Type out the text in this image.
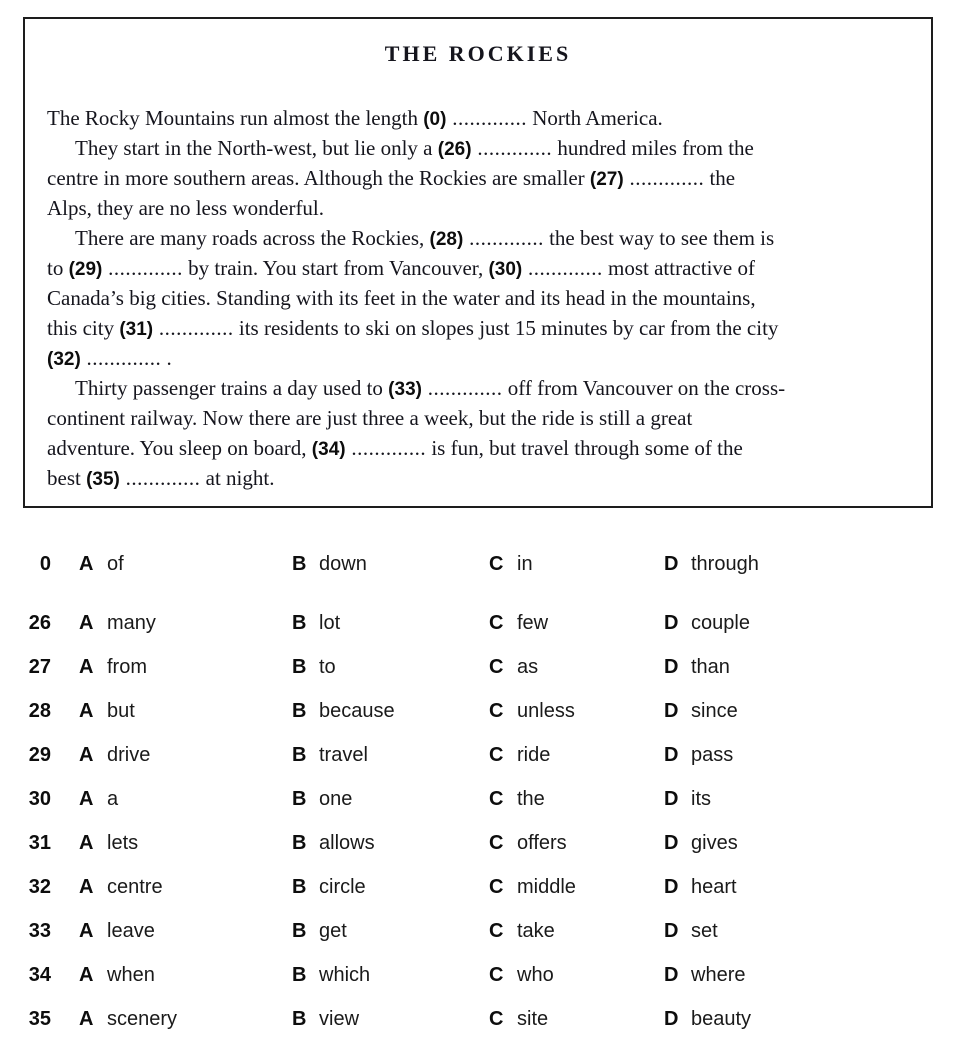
THE ROCKIES
The Rocky Mountains run almost the length (0) ............. North America.
They start in the North-west, but lie only a (26) ............. hundred miles from the
centre in more southern areas. Although the Rockies are smaller (27) ............. the
Alps, they are no less wonderful.
There are many roads across the Rockies, (28) ............. the best way to see them is
to (29) ............. by train. You start from Vancouver, (30) ............. most attractive of
Canada’s big cities. Standing with its feet in the water and its head in the mountains,
this city (31) ............. its residents to ski on slopes just 15 minutes by car from the city
(32) ............. .
Thirty passenger trains a day used to (33) ............. off from Vancouver on the cross-
continent railway. Now there are just three a week, but the ride is still a great
adventure. You sleep on board, (34) ............. is fun, but travel through some of the
best (35) ............. at night.
0 A of	B down	C in	D through
26 A many	B lot	C few	D couple
27 A from	B to	C as	D than
28 A but	B because	C unless	D since
29 A drive	B travel	C ride	D pass
30 A a	B one	C the	D its
31 A lets	B allows	C offers	D gives
32 A centre	B circle	C middle	D heart
33 A leave	B get	C take	D set
34 A when	B which	C who	D where
35 A scenery	B view	C site	D beauty
